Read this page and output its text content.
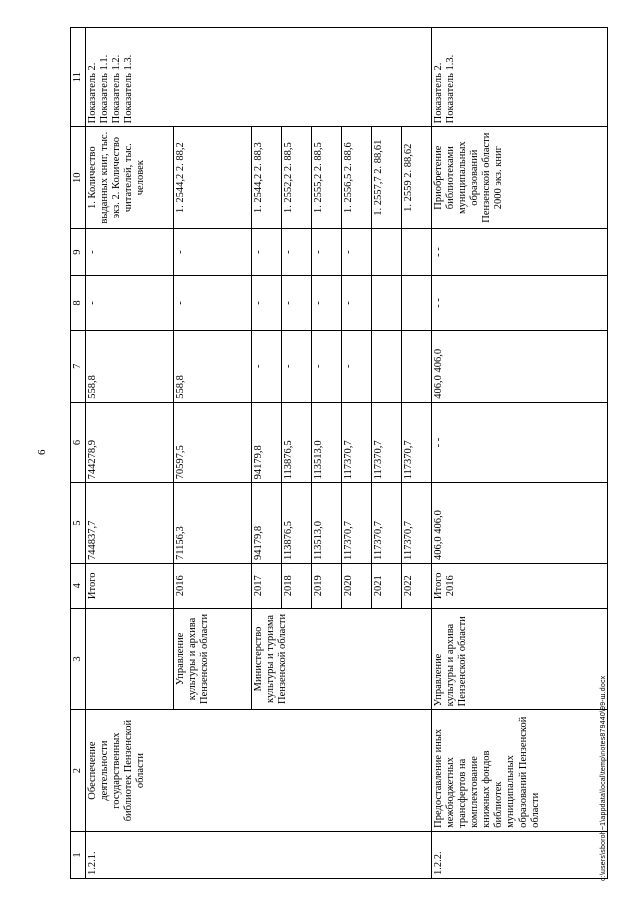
6
1	2	3	4	5	6	7	8	9	10	11
1.2.1.	Обеспечение деятельности государственных библиотек Пензенской области		Итого	744837,7	744278,9	558,8	-	-	1. Количество выданных книг, тыс. экз. 2. Количество читателей, тыс. человек	Показатель 2. Показатель 1.1. Показатель 1.2. Показатель 1.3.
		Управление культуры и архива Пензенской области	2016	71156,3	70597,5	558,8	-	-	1. 2544,2 2. 88,2	
		Министерство культуры и туризма Пензенской области	2017	94179,8	94179,8	-	-	-	1. 2544,2 2. 88,3	
			2018	113876,5	113876,5	-	-	-	1. 2552,2 2. 88,5	
			2019	113513,0	113513,0	-	-	-	1. 2555,2 2. 88,5	
			2020	117370,7	117370,7	-	-	-	1. 2556,5 2. 88,6	
			2021	117370,7	117370,7				1. 2557,7 2. 88,61	
			2022	117370,7	117370,7				1. 2559 2. 88,62	
1.2.2.	Предоставление иных межбюджетных трансфертов на комплектование книжных фондов библиотек муниципальных образований Пензенской области	Управление культуры и архива Пензенской области	Итого 2016	406,0 406,0	- -	406,0 406,0	- -	- -	Приобретение библиотеками муниципальных образований Пензенской области 2000 экз. книг	Показатель 2. Показатель 1.3.
c:\users\sboroh~1\appdata\local\temp\notes879440\99-ш.docx
